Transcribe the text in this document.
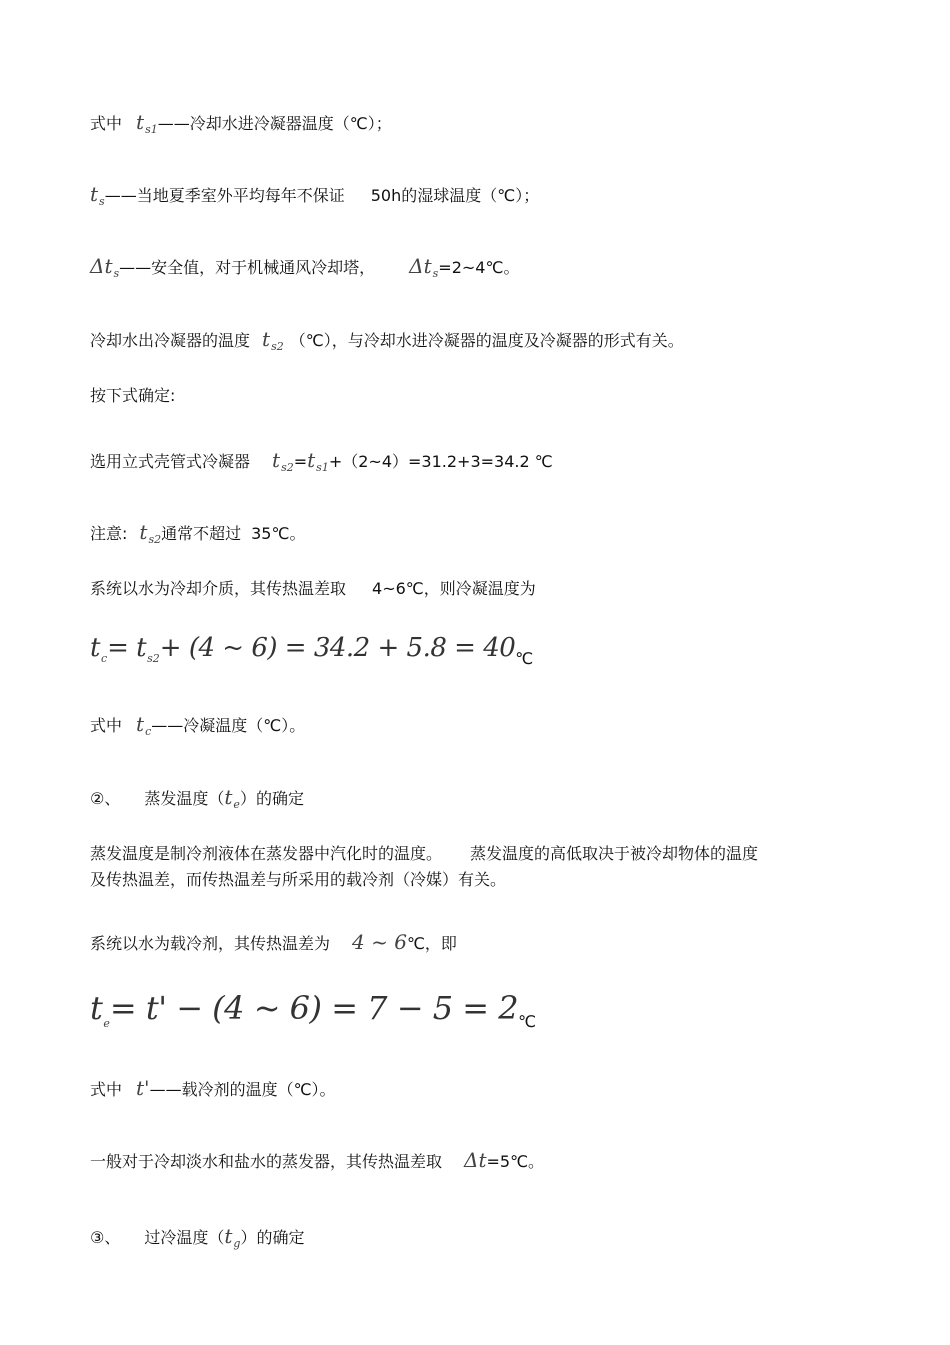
式中 $t_{s1}——$冷却水进冷凝器温度（℃）；
$t_s——$当地夏季室外平均每年不保证 50h的湿球温度（℃）；
$\Delta t_s——$安全值，对于机械通风冷却塔， $\Delta t_s=2\sim 4℃$。
冷却水出冷凝器的温度 $t_{s2}$ （℃），与冷却水进冷凝器的温度及冷凝器的形式有关。
按下式确定:
选用立式壳管式冷凝器 $t_{s2}=t_{s1}+(2\sim 4)=31.2+3=34.2$ ℃
注意: $t_{s2}$通常不超过 35℃。
系统以水为冷却介质，其传热温差取 4~6℃，则冷凝温度为
$t_c= t_{s2}+ (4$ ~ 6) = 34.2 + 5.8 = 40℃
式中 $t_c——$冷凝温度（℃）。
②、 蒸发温度$(t_e)$的确定
蒸发温度是制冷剂液体在蒸发器中汽化时的温度。 蒸发温度的高低取决于被冷却物体的温度
及传热温差，而传热温差与所采用的载冷剂（冷媒）有关。
系统以水为载冷剂，其传热温差为 4 ~ 6℃，即
$t_e= t' - (4$ ~ 6) = 7 − 5 = 2℃
式中 t'——载冷剂的温度（℃）。
一般对于冷却淡水和盐水的蒸发器，其传热温差取 Δt=5℃。
③、 过冷温度$(t_g)$的确定
